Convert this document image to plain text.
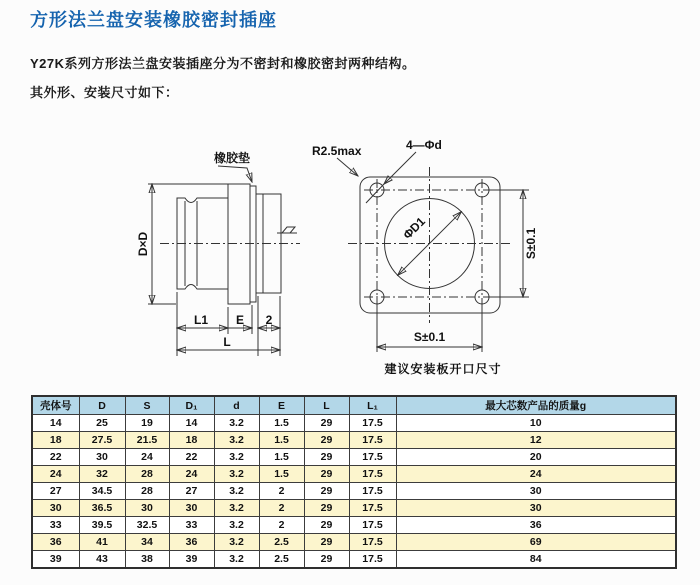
方形法兰盘安装橡胶密封插座

Y27K系列方形法兰盘安装插座分为不密封和橡胶密封两种结构。

其外形、安装尺寸如下：

橡胶垫
D×D
L1 E 2
L
R2.5max	4—Φd
ΦD1	S±0.1
S±0.1
建议安装板开口尺寸
壳体号	D	S	D₁	d	E	L	L₁	最大芯数产品的质量g
14	25	19	14	3.2	1.5	29	17.5	10
18	27.5	21.5	18	3.2	1.5	29	17.5	12
22	30	24	22	3.2	1.5	29	17.5	20
24	32	28	24	3.2	1.5	29	17.5	24
27	34.5	28	27	3.2	2	29	17.5	30
30	36.5	30	30	3.2	2	29	17.5	30
33	39.5	32.5	33	3.2	2	29	17.5	36
36	41	34	36	3.2	2.5	29	17.5	69
39	43	38	39	3.2	2.5	29	17.5	84
